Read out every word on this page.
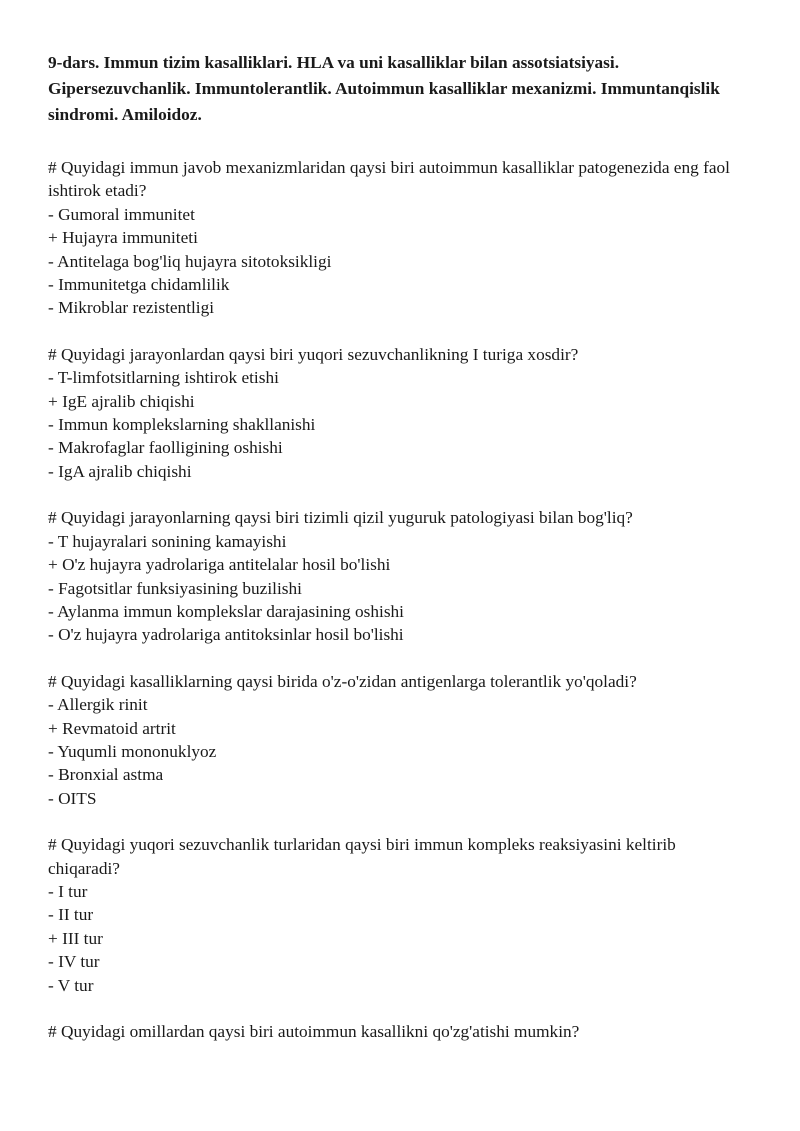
9-dars. Immun tizim kasalliklari. HLA va uni kasalliklar bilan assotsiatsiyasi. Gipersezuvchanlik. Immuntolerantlik. Autoimmun kasalliklar mexanizmi. Immuntanqislik sindromi. Amiloidoz.
# Quyidagi immun javob mexanizmlaridan qaysi biri autoimmun kasalliklar patogenezida eng faol ishtirok etadi?
- Gumoral immunitet
+ Hujayra immuniteti
- Antitelaga bog'liq hujayra sitotoksikligi
- Immunitetga chidamlilik
- Mikroblar rezistentligi
# Quyidagi jarayonlardan qaysi biri yuqori sezuvchanlikning I turiga xosdir?
- T-limfotsitlarning ishtirok etishi
+ IgE ajralib chiqishi
- Immun komplekslarning shakllanishi
- Makrofaglar faolligining oshishi
- IgA ajralib chiqishi
# Quyidagi jarayonlarning qaysi biri tizimli qizil yuguruk patologiyasi bilan bog'liq?
- T hujayralari sonining kamayishi
+ O'z hujayra yadrolariga antitelalar hosil bo'lishi
- Fagotsitlar funksiyasining buzilishi
- Aylanma immun komplekslar darajasining oshishi
- O'z hujayra yadrolariga antitoksinlar hosil bo'lishi
# Quyidagi kasalliklarning qaysi birida o'z-o'zidan antigenlarga tolerantlik yo'qoladi?
- Allergik rinit
+ Revmatoid artrit
- Yuqumli mononuklyoz
- Bronxial astma
- OITS
# Quyidagi yuqori sezuvchanlik turlaridan qaysi biri immun kompleks reaksiyasini keltirib chiqaradi?
- I tur
- II tur
+ III tur
- IV tur
- V tur
# Quyidagi omillardan qaysi biri autoimmun kasallikni qo'zg'atishi mumkin?
